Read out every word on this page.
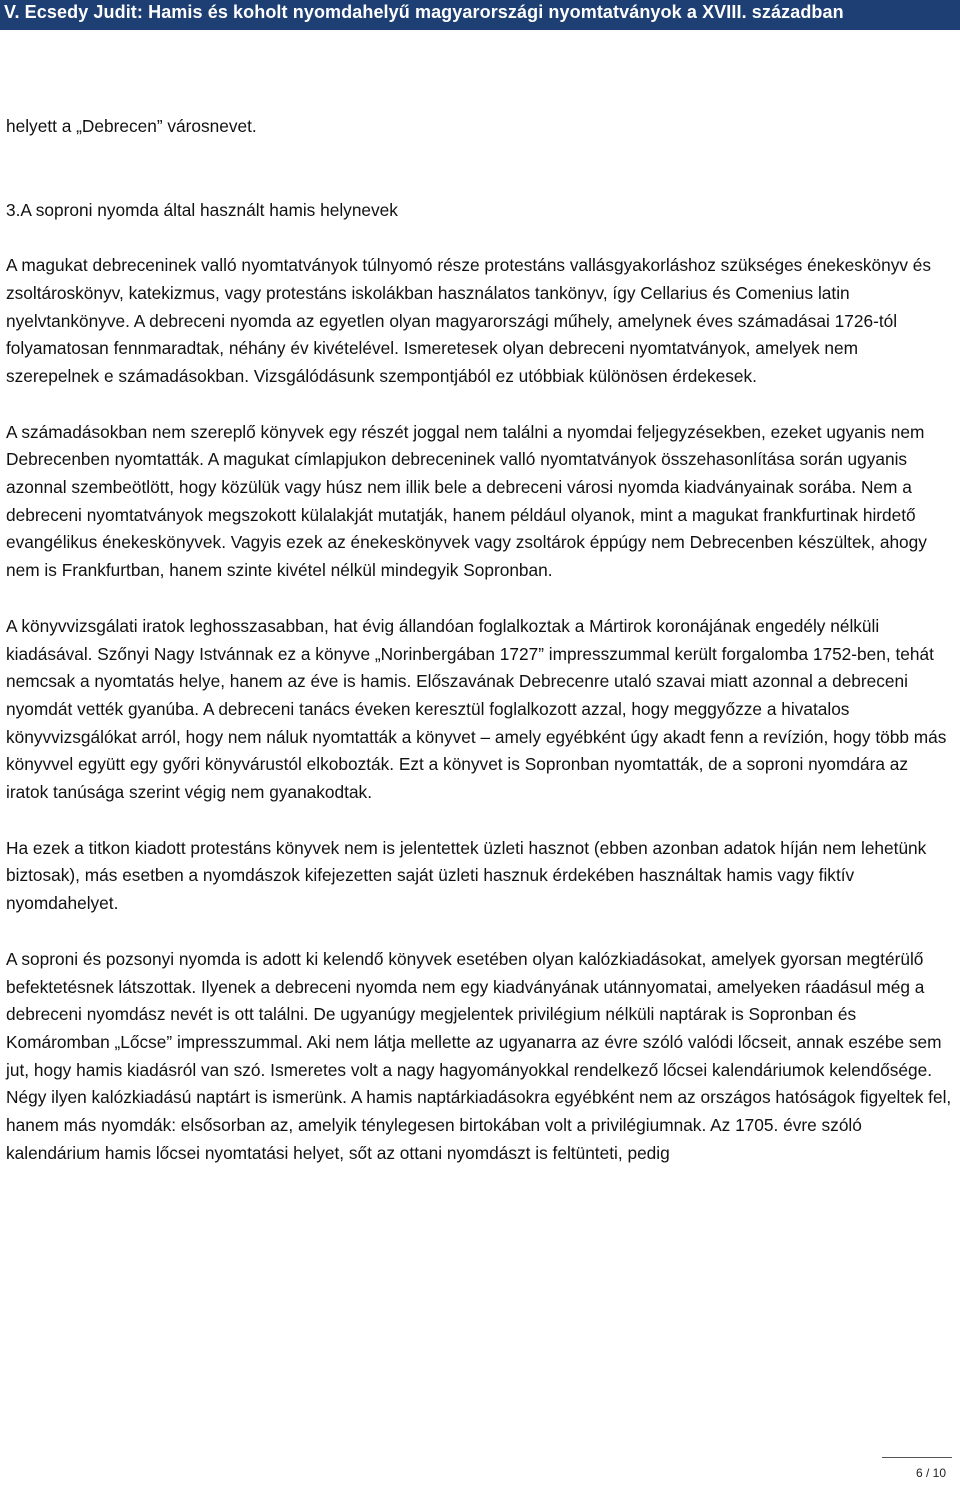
V. Ecsedy Judit: Hamis és koholt nyomdahelyű magyarországi nyomtatványok a XVIII. században

helyett a „Debrecen” városnevet.

3.A soproni nyomda által használt hamis helynevek

A magukat debreceninek valló nyomtatványok túlnyomó része protestáns vallásgyakorláshoz szükséges énekeskönyv és zsoltároskönyv, katekizmus, vagy protestáns iskolákban használatos tankönyv, így Cellarius és Comenius latin nyelvtankönyve. A debreceni nyomda az egyetlen olyan magyarországi műhely, amelynek éves számadásai 1726-tól folyamatosan fennmaradtak, néhány év kivételével. Ismeretesek olyan debreceni nyomtatványok, amelyek nem szerepelnek e számadásokban. Vizsgálódásunk szempontjából ez utóbbiak különösen érdekesek.

A számadásokban nem szereplő könyvek egy részét joggal nem találni a nyomdai feljegyzésekben, ezeket ugyanis nem Debrecenben nyomtatták. A magukat címlapjukon debreceninek valló nyomtatványok összehasonlítása során ugyanis azonnal szembeötlött, hogy közülük vagy húsz nem illik bele a debreceni városi nyomda kiadványainak sorába. Nem a debreceni nyomtatványok megszokott külalakját mutatják, hanem például olyanok, mint a magukat frankfurtinak hirdető evangélikus énekeskönyvek. Vagyis ezek az énekeskönyvek vagy zsoltárok éppúgy nem Debrecenben készültek, ahogy nem is Frankfurtban, hanem szinte kivétel nélkül mindegyik Sopronban.

A könyvvizsgálati iratok leghosszasabban, hat évig állandóan foglalkoztak a Mártirok koronájának engedély nélküli kiadásával. Szőnyi Nagy Istvánnak ez a könyve „Norinbergában 1727” impresszummal került forgalomba 1752-ben, tehát nemcsak a nyomtatás helye, hanem az éve is hamis. Előszavának Debrecenre utaló szavai miatt azonnal a debreceni nyomdát vették gyanúba. A debreceni tanács éveken keresztül foglalkozott azzal, hogy meggyőzze a hivatalos könyvvizsgálókat arról, hogy nem náluk nyomtatták a könyvet – amely egyébként úgy akadt fenn a revízión, hogy több más könyvvel együtt egy győri könyvárustól elkobozták. Ezt a könyvet is Sopronban nyomtatták, de a soproni nyomdára az iratok tanúsága szerint végig nem gyanakodtak.

Ha ezek a titkon kiadott protestáns könyvek nem is jelentettek üzleti hasznot (ebben azonban adatok híján nem lehetünk biztosak), más esetben a nyomdászok kifejezetten saját üzleti hasznuk érdekében használtak hamis vagy fiktív nyomdahelyet.

A soproni és pozsonyi nyomda is adott ki kelendő könyvek esetében olyan kalózkiadásokat, amelyek gyorsan megtérülő befektetésnek látszottak. Ilyenek a debreceni nyomda nem egy kiadványának utánnyomatai, amelyeken ráadásul még a debreceni nyomdász nevét is ott találni. De ugyanúgy megjelentek privilégium nélküli naptárak is Sopronban és Komáromban „Lőcse” impresszummal. Aki nem látja mellette az ugyanarra az évre szóló valódi lőcseit, annak eszébe sem jut, hogy hamis kiadásról van szó. Ismeretes volt a nagy hagyományokkal rendelkező lőcsei kalendáriumok kelendősége. Négy ilyen kalózkiadású naptárt is ismerünk. A hamis naptárkiadásokra egyébként nem az országos hatóságok figyeltek fel, hanem más nyomdák: elsősorban az, amelyik ténylegesen birtokában volt a privilégiumnak. Az 1705. évre szóló kalendárium hamis lőcsei nyomtatási helyet, sőt az ottani nyomdászt is feltünteti, pedig

6 / 10
